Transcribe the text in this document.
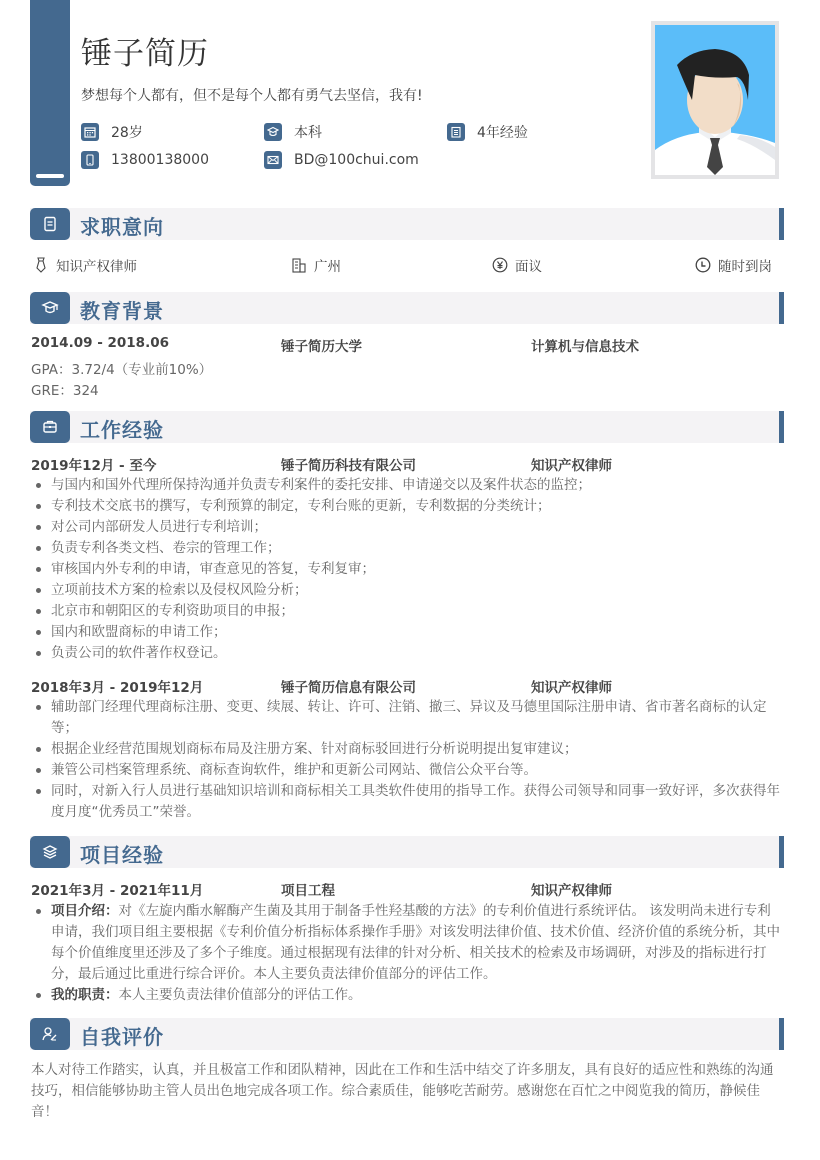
锤子简历
梦想每个人都有，但不是每个人都有勇气去坚信，我有!
28岁	本科	4年经验
13800138000	BD@100chui.com
求职意向
知识产权律师	广州	面议	随时到岗
教育背景
2014.09 - 2018.06	锤子简历大学	计算机与信息技术
GPA：3.72/4（专业前10%）
GRE：324
工作经验
2019年12月 - 至今	锤子简历科技有限公司	知识产权律师
与国内和国外代理所保持沟通并负责专利案件的委托安排、申请递交以及案件状态的监控；
专利技术交底书的撰写，专利预算的制定，专利台账的更新，专利数据的分类统计；
对公司内部研发人员进行专利培训；
负责专利各类文档、卷宗的管理工作；
审核国内外专利的申请，审查意见的答复，专利复审；
立项前技术方案的检索以及侵权风险分析；
北京市和朝阳区的专利资助项目的申报；
国内和欧盟商标的申请工作；
负责公司的软件著作权登记。
2018年3月 - 2019年12月	锤子简历信息有限公司	知识产权律师
辅助部门经理代理商标注册、变更、续展、转让、许可、注销、撤三、异议及马德里国际注册申请、省市著名商标的认定等；
根据企业经营范围规划商标布局及注册方案、针对商标驳回进行分析说明提出复审建议；
兼管公司档案管理系统、商标查询软件，维护和更新公司网站、微信公众平台等。
同时，对新入行人员进行基础知识培训和商标相关工具类软件使用的指导工作。获得公司领导和同事一致好评，多次获得年度月度“优秀员工”荣誉。
项目经验
2021年3月 - 2021年11月	项目工程	知识产权律师
项目介绍：对《左旋内酯水解酶产生菌及其用于制备手性羟基酸的方法》的专利价值进行系统评估。 该发明尚未进行专利申请，我们项目组主要根据《专利价值分析指标体系操作手册》对该发明法律价值、技术价值、经济价值的系统分析，其中每个价值维度里还涉及了多个子维度。通过根据现有法律的针对分析、相关技术的检索及市场调研，对涉及的指标进行打分，最后通过比重进行综合评价。本人主要负责法律价值部分的评估工作。
我的职责：本人主要负责法律价值部分的评估工作。
自我评价
本人对待工作踏实，认真，并且极富工作和团队精神，因此在工作和生活中结交了许多朋友，具有良好的适应性和熟练的沟通技巧，相信能够协助主管人员出色地完成各项工作。综合素质佳，能够吃苦耐劳。感谢您在百忙之中阅览我的简历，静候佳音！
